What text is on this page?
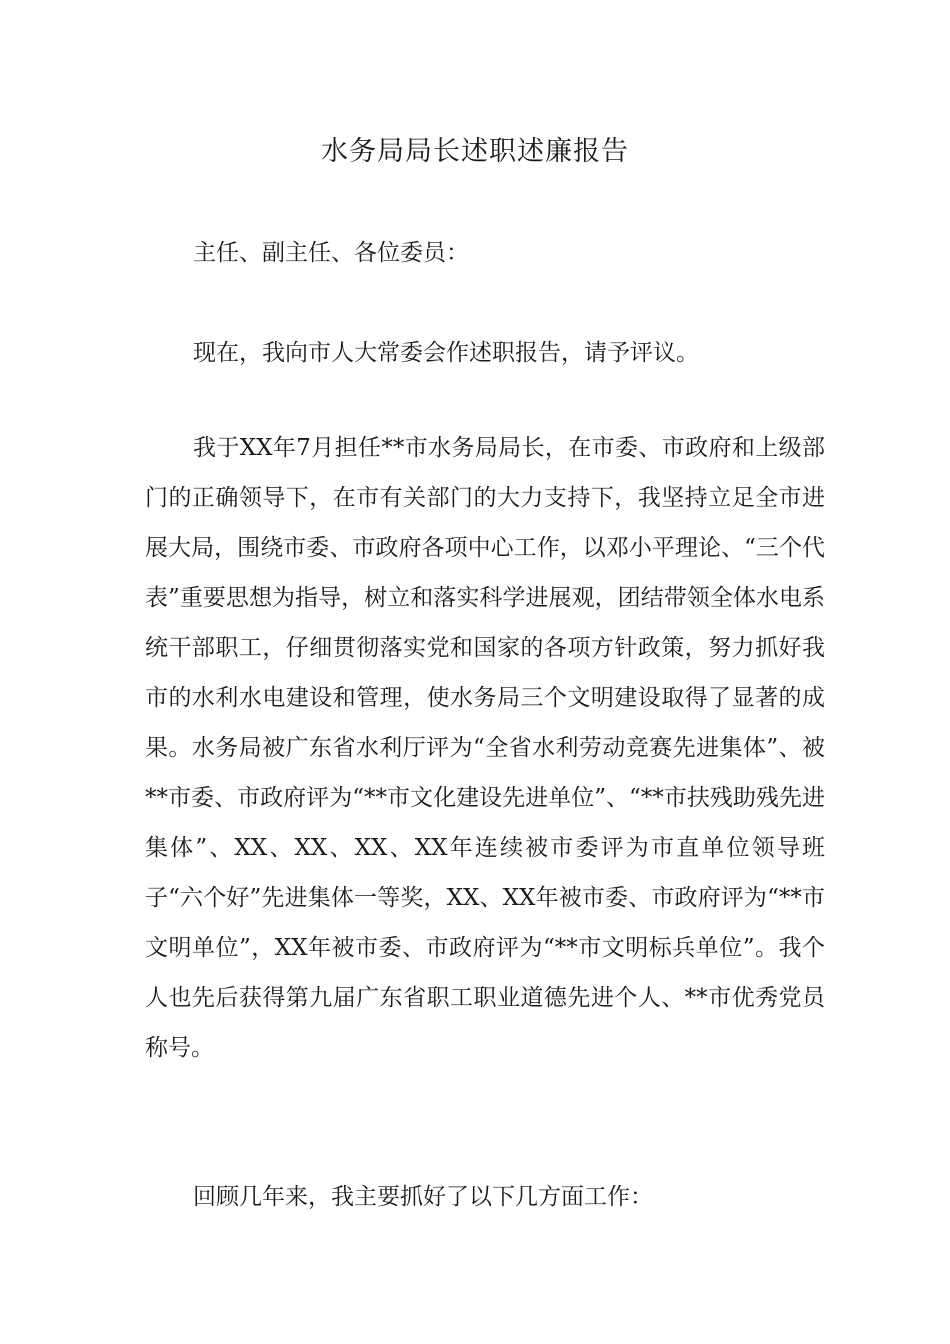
水务局局长述职述廉报告

主任、副主任、各位委员：

现在，我向市人大常委会作述职报告，请予评议。

我于XX年7月担任**市水务局局长，在市委、市政府和上级部门的正确领导下，在市有关部门的大力支持下，我坚持立足全市进展大局，围绕市委、市政府各项中心工作，以邓小平理论、“三个代表”重要思想为指导，树立和落实科学进展观，团结带领全体水电系统干部职工，仔细贯彻落实党和国家的各项方针政策，努力抓好我市的水利水电建设和管理，使水务局三个文明建设取得了显著的成果。水务局被广东省水利厅评为“全省水利劳动竞赛先进集体”、被**市委、市政府评为“**市文化建设先进单位”、“**市扶残助残先进集体”、XX、XX、XX、XX年连续被市委评为市直单位领导班子“六个好”先进集体一等奖，XX、XX年被市委、市政府评为“**市文明单位”，XX年被市委、市政府评为“**市文明标兵单位”。我个人也先后获得第九届广东省职工职业道德先进个人、**市优秀党员称号。

回顾几年来，我主要抓好了以下几方面工作：
